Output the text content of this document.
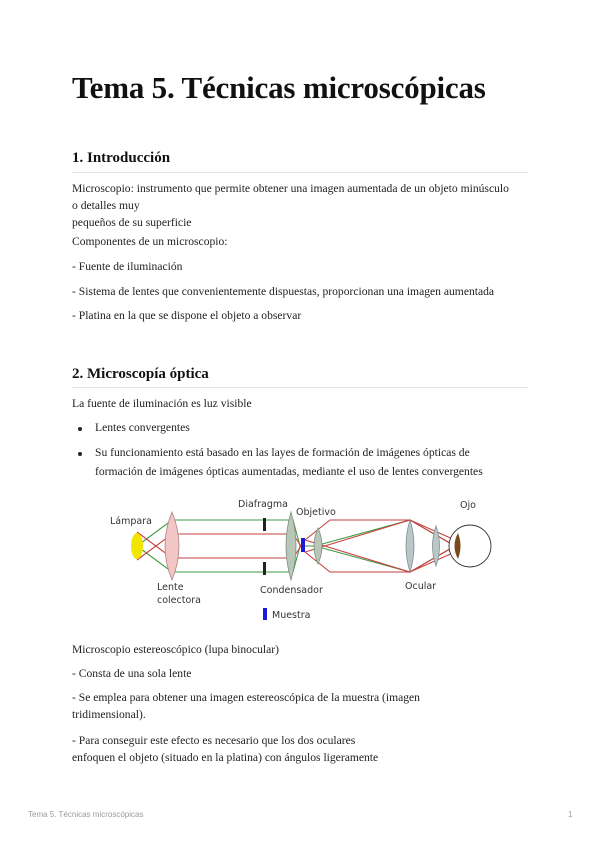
Tema 5. Técnicas microscópicas
1. Introducción

Microscopio: instrumento que permite obtener una imagen aumentada de un objeto minúsculo

o detalles muy

pequeños de su superficie

Componentes de un microscopio:

- Fuente de iluminación

- Sistema de lentes que convenientemente dispuestas, proporcionan una imagen aumentada

- Platina en la que se dispone el objeto a observar

2. Microscopía óptica

La fuente de iluminación es luz visible

Lentes convergentes

Su funcionamiento está basado en las layes de formación de imágenes ópticas de

formación de imágenes ópticas aumentadas, mediante el uso de lentes convergentes

Lámpara
Lente
colectora
Diafragma
Objetivo
Condensador
Muestra
Ocular
Ojo

Microscopio estereoscópico (lupa binocular)

- Consta de una sola lente

- Se emplea para obtener una imagen estereoscópica de la muestra (imagen

tridimensional).

- Para conseguir este efecto es necesario que los dos oculares

enfoquen el objeto (situado en la platina) con ángulos ligeramente

Tema 5. Técnicas microscópicas	1
